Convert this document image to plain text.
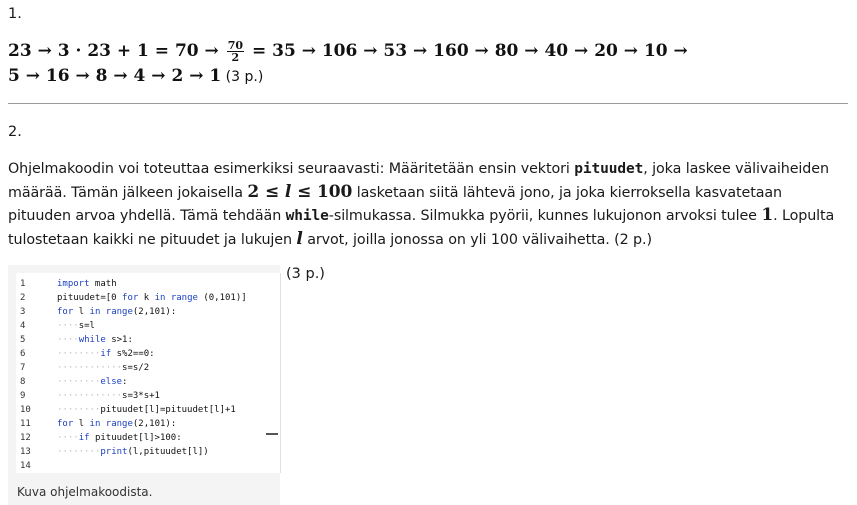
1.
$23 \to 3 \cdot 23 + 1 = 70 \to \frac{70}{2} = 35 \to 106 \to 53 \to 160 \to 80 \to 40 \to 20 \to 10$ →
5 → 16 → 8 → 4 → 2 → 1 (3 p.)
2.
Ohjelmakoodin voi toteuttaa esimerkiksi seuraavasti: Määritetään ensin vektori pituudet, joka laskee välivaiheiden määrää. Tämän jälkeen jokaisella 2 ≤ l ≤ 100 lasketaan siitä lähtevä jono, ja joka kierroksella kasvatetaan pituuden arvoa yhdellä. Tämä tehdään while-silmukassa. Silmukka pyörii, kunnes lukujonon arvoksi tulee 1. Lopulta tulostetaan kaikki ne pituudet ja lukujen l arvot, joilla jonossa on yli 100 välivaihetta. (2 p.)
1	import math
2	pituudet=[0 for k in range (0,101)]
3	for l in range(2,101):
4	····s=l
5	····while s>1:
6	········if s%2==0:
7	············s=s/2
8	········else:
9	············s=3*s+1
10	········pituudet[l]=pituudet[l]+1
11	for l in range(2,101):
12	····if pituudet[l]>100:
13	········print(l,pituudet[l])
14
Kuva ohjelmakoodista.
(3 p.)
